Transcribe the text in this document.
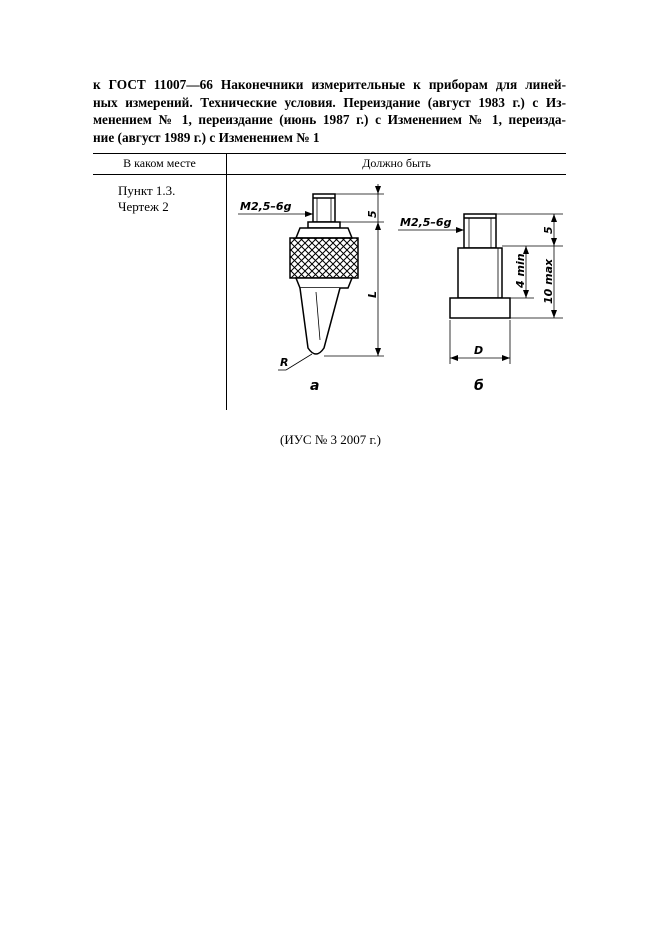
к ГОСТ 11007—66 Наконечники измерительные к приборам для линей-
ных измерений. Технические условия. Переиздание (август 1983 г.) с Из-
менением № 1, переиздание (июнь 1987 г.) с Изменением № 1, переизда-
ние (август 1989 г.) с Изменением № 1
В каком месте	Должно быть
Пункт 1.3.
Чертеж 2	M2,5–6g
5
L
R
а
M2,5–6g
5
4 min 10 max
D
б
(ИУС № 3 2007 г.)
